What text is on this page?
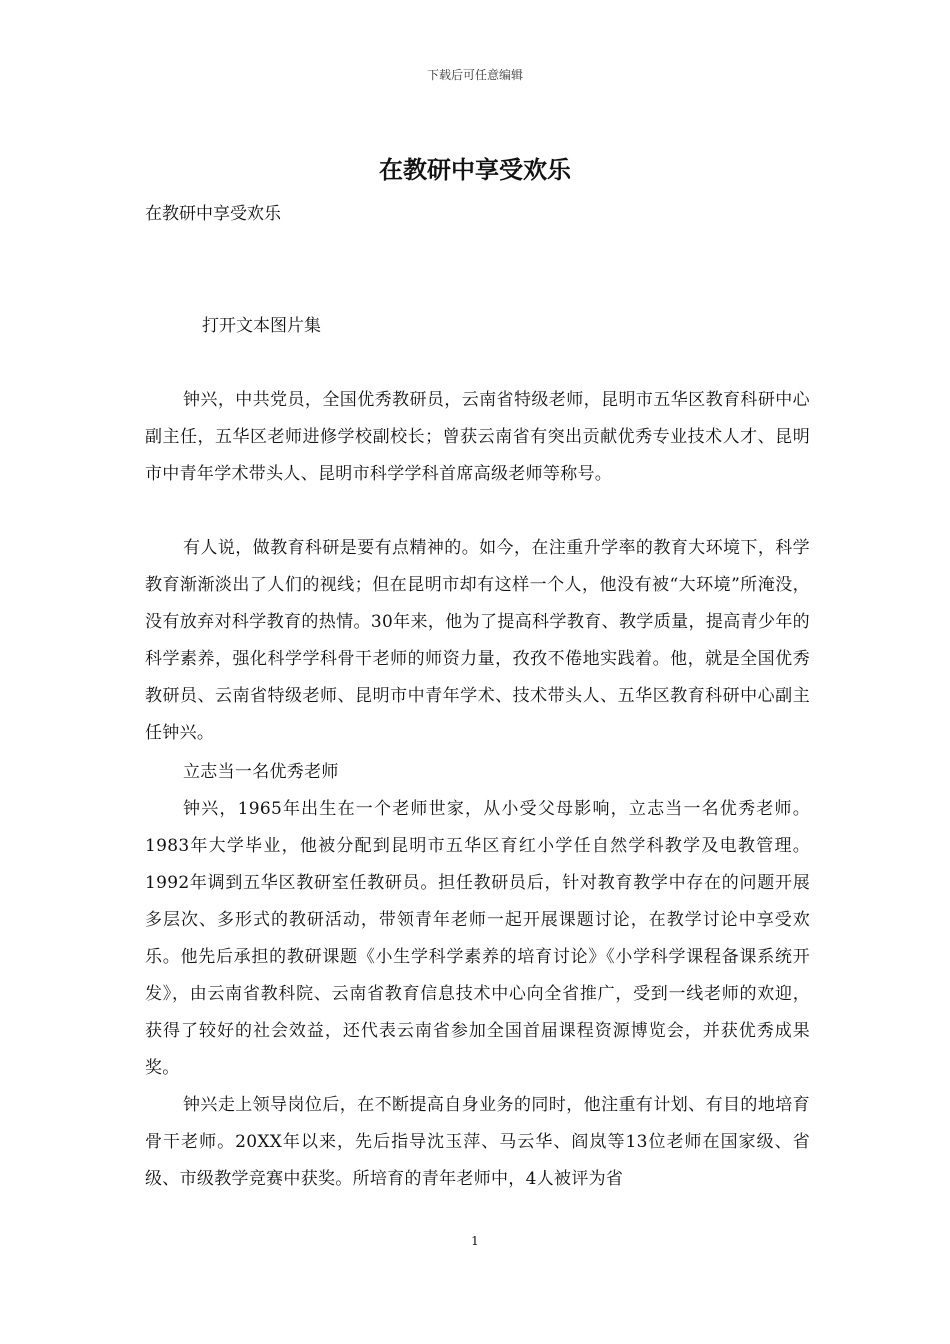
下载后可任意编辑
在教研中享受欢乐

在教研中享受欢乐

打开文本图片集

钟兴，中共党员，全国优秀教研员，云南省特级老师，昆明市五华区教育科研中心副主任，五华区老师进修学校副校长；曾获云南省有突出贡献优秀专业技术人才、昆明市中青年学术带头人、昆明市科学学科首席高级老师等称号。

有人说，做教育科研是要有点精神的。如今，在注重升学率的教育大环境下，科学教育渐渐淡出了人们的视线；但在昆明市却有这样一个人，他没有被“大环境”所淹没，没有放弃对科学教育的热情。30年来，他为了提高科学教育、教学质量，提高青少年的科学素养，强化科学学科骨干老师的师资力量，孜孜不倦地实践着。他，就是全国优秀教研员、云南省特级老师、昆明市中青年学术、技术带头人、五华区教育科研中心副主任钟兴。

立志当一名优秀老师

钟兴，1965年出生在一个老师世家，从小受父母影响，立志当一名优秀老师。1983年大学毕业，他被分配到昆明市五华区育红小学任自然学科教学及电教管理。1992年调到五华区教研室任教研员。担任教研员后，针对教育教学中存在的问题开展多层次、多形式的教研活动，带领青年老师一起开展课题讨论，在教学讨论中享受欢乐。他先后承担的教研课题《小生学科学素养的培育讨论》《小学科学课程备课系统开发》，由云南省教科院、云南省教育信息技术中心向全省推广，受到一线老师的欢迎，获得了较好的社会效益，还代表云南省参加全国首届课程资源博览会，并获优秀成果奖。

钟兴走上领导岗位后，在不断提高自身业务的同时，他注重有计划、有目的地培育骨干老师。20XX年以来，先后指导沈玉萍、马云华、阎岚等13位老师在国家级、省级、市级教学竞赛中获奖。所培育的青年老师中，4人被评为省

1
